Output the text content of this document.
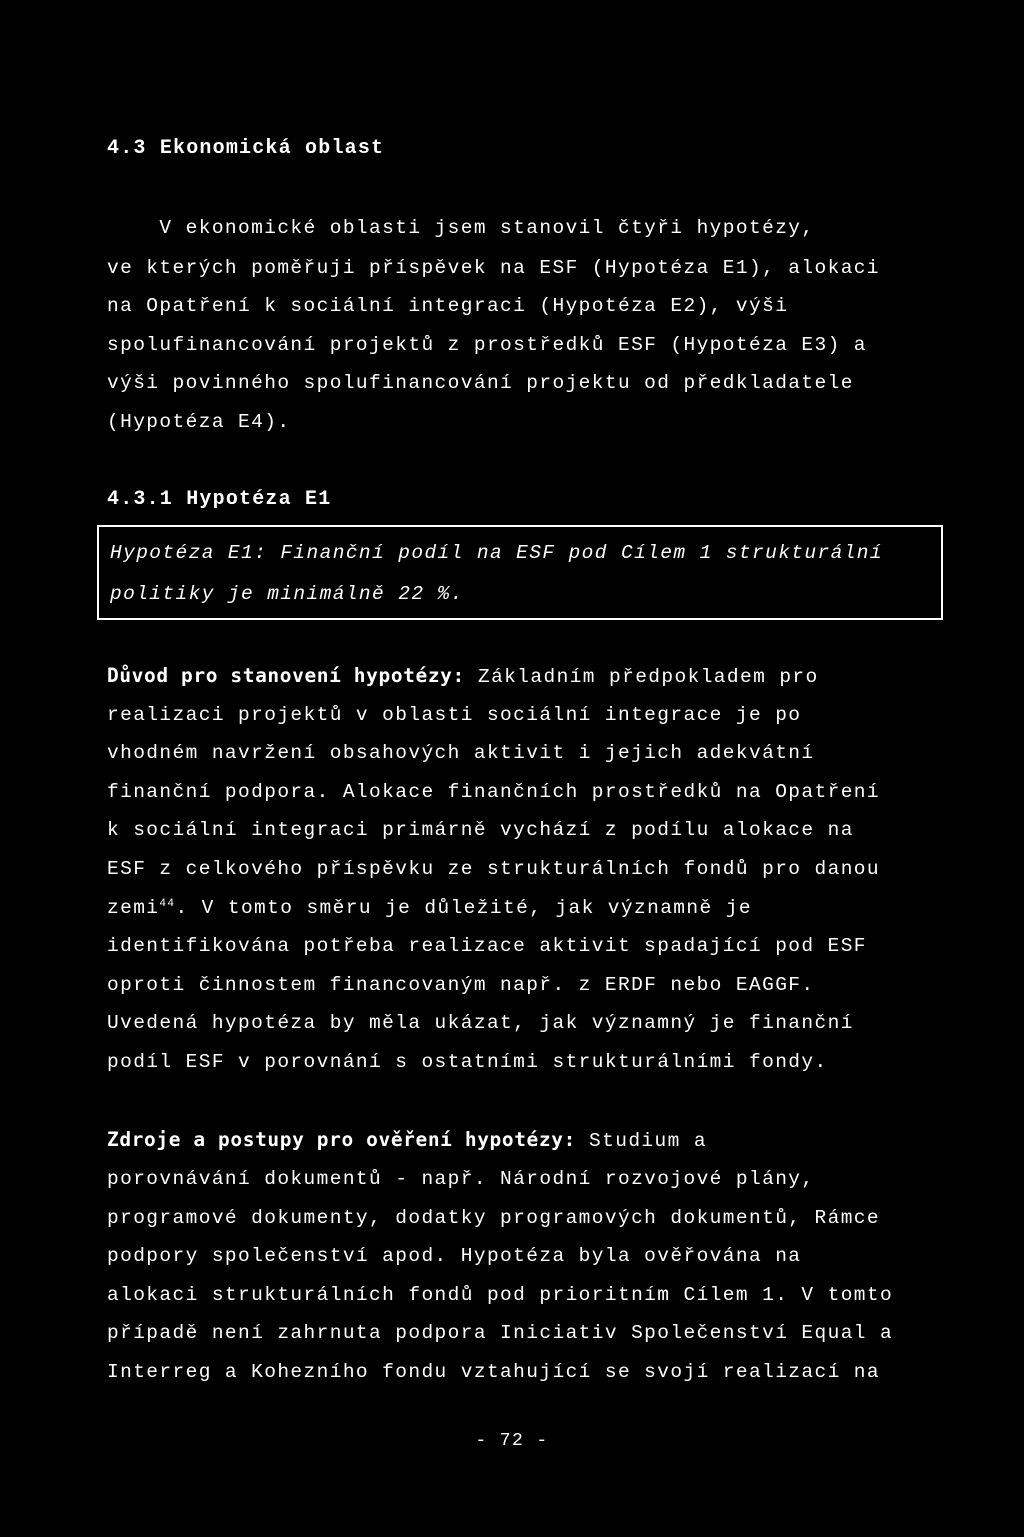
4.3 Ekonomická oblast
V ekonomické oblasti jsem stanovil čtyři hypotézy,
ve kterých poměřuji příspěvek na ESF (Hypotéza E1), alokaci
na Opatření k sociální integraci (Hypotéza E2), výši
spolufinancování projektů z prostředků ESF (Hypotéza E3) a
výši povinného spolufinancování projektu od předkladatele
(Hypotéza E4).
4.3.1 Hypotéza E1
Hypotéza E1: Finanční podíl na ESF pod Cílem 1 strukturální
politiky je minimálně 22 %.
Důvod pro stanovení hypotézy: Základním předpokladem pro
realizaci projektů v oblasti sociální integrace je po
vhodném navržení obsahových aktivit i jejich adekvátní
finanční podpora. Alokace finančních prostředků na Opatření
k sociální integraci primárně vychází z podílu alokace na
ESF z celkového příspěvku ze strukturálních fondů pro danou
zemi$^{44}$. V tomto směru je důležité, jak významně je
identifikována potřeba realizace aktivit spadající pod ESF
oproti činnostem financovaným např. z ERDF nebo EAGGF.
Uvedená hypotéza by měla ukázat, jak významný je finanční
podíl ESF v porovnání s ostatními strukturálními fondy.
Zdroje a postupy pro ověření hypotézy: Studium a
porovnávání dokumentů - např. Národní rozvojové plány,
programové dokumenty, dodatky programových dokumentů, Rámce
podpory společenství apod. Hypotéza byla ověřována na
alokaci strukturálních fondů pod prioritním Cílem 1. V tomto
případě není zahrnuta podpora Iniciativ Společenství Equal a
Interreg a Kohezního fondu vztahující se svojí realizací na
- 72 -
